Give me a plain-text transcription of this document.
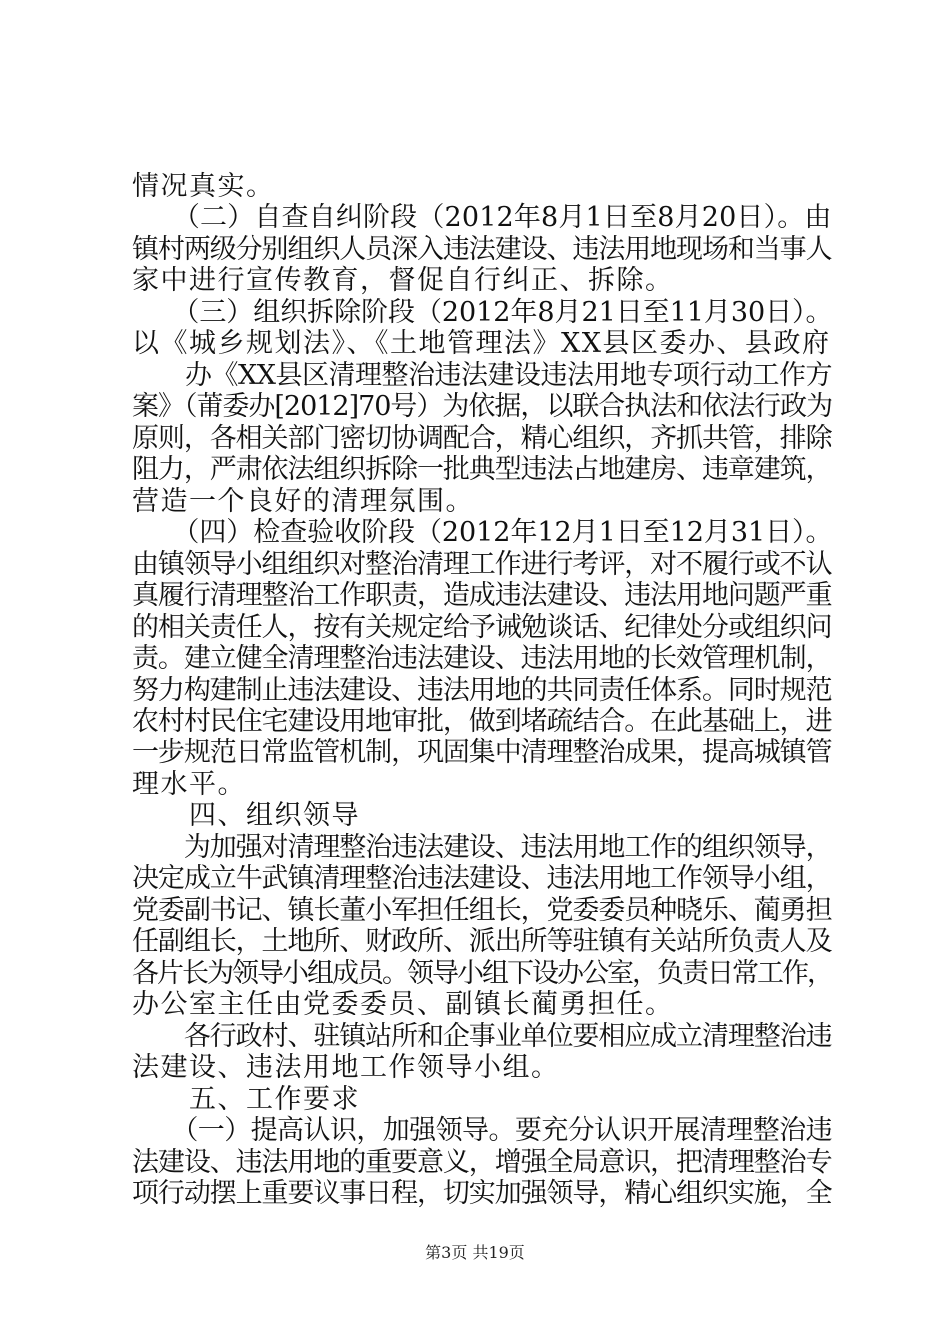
情况真实。
　　（二）自查自纠阶段（2012年8月1日至8月20日）。由
镇村两级分别组织人员深入违法建设、违法用地现场和当事人
家中进行宣传教育，督促自行纠正、拆除。
　　（三）组织拆除阶段（2012年8月21日至11月30日）。
以《城乡规划法》、《土地管理法》XX县区委办、县政府
　　办《XX县区清理整治违法建设违法用地专项行动工作方
案》（莆委办[2012]70号）为依据，以联合执法和依法行政为
原则，各相关部门密切协调配合，精心组织，齐抓共管，排除
阻力，严肃依法组织拆除一批典型违法占地建房、违章建筑，
营造一个良好的清理氛围。
　　（四）检查验收阶段（2012年12月1日至12月31日）。
由镇领导小组组织对整治清理工作进行考评，对不履行或不认
真履行清理整治工作职责，造成违法建设、违法用地问题严重
的相关责任人，按有关规定给予诫勉谈话、纪律处分或组织问
责。建立健全清理整治违法建设、违法用地的长效管理机制，
努力构建制止违法建设、违法用地的共同责任体系。同时规范
农村村民住宅建设用地审批，做到堵疏结合。在此基础上，进
一步规范日常监管机制，巩固集中清理整治成果，提高城镇管
理水平。
　　四、组织领导
　　为加强对清理整治违法建设、违法用地工作的组织领导，
决定成立牛武镇清理整治违法建设、违法用地工作领导小组，
党委副书记、镇长董小军担任组长，党委委员种晓乐、蔺勇担
任副组长，土地所、财政所、派出所等驻镇有关站所负责人及
各片长为领导小组成员。领导小组下设办公室，负责日常工作，
办公室主任由党委委员、副镇长蔺勇担任。
　　各行政村、驻镇站所和企事业单位要相应成立清理整治违
法建设、违法用地工作领导小组。
　　五、工作要求
　　（一）提高认识，加强领导。要充分认识开展清理整治违
法建设、违法用地的重要意义，增强全局意识，把清理整治专
项行动摆上重要议事日程，切实加强领导，精心组织实施，全
第3页 共19页
